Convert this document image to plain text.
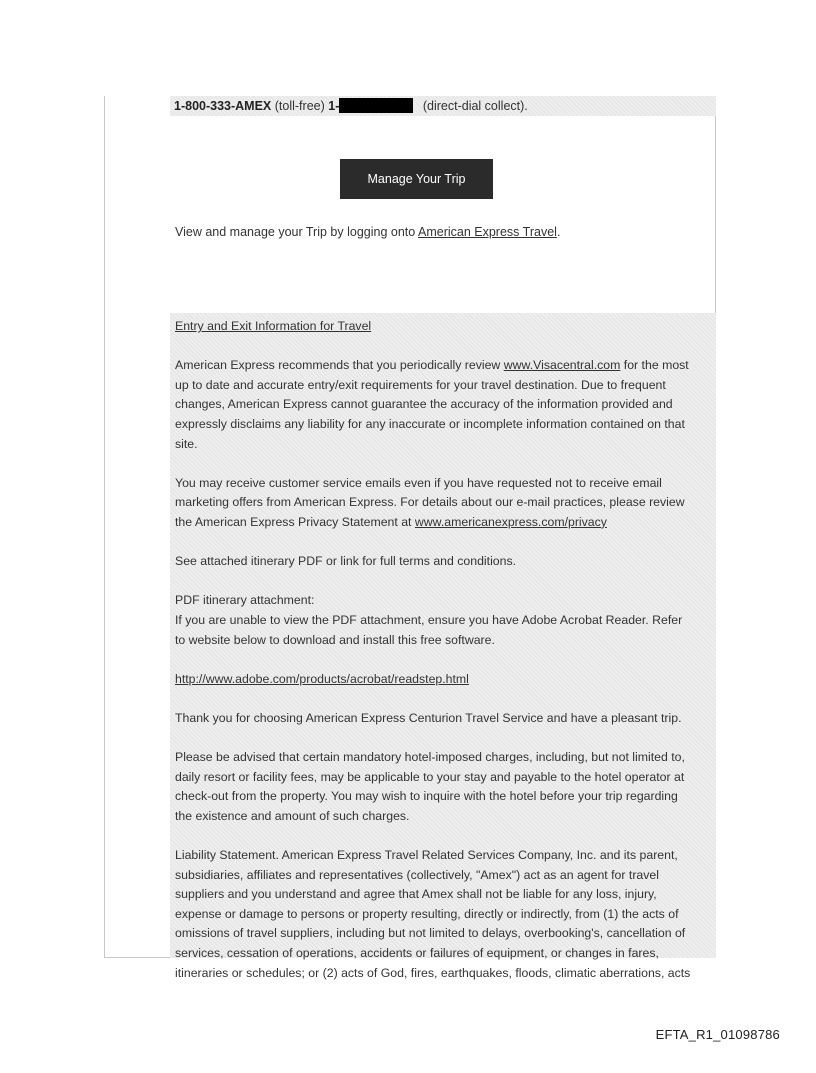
1-800-333-AMEX (toll-free) 1-	(direct-dial collect).
Manage Your Trip
View and manage your Trip by logging onto American Express Travel.

Entry and Exit Information for Travel

American Express recommends that you periodically review www.Visacentral.com for the most up to date and accurate entry/exit requirements for your travel destination. Due to frequent changes, American Express cannot guarantee the accuracy of the information provided and expressly disclaims any liability for any inaccurate or incomplete information contained on that site.

You may receive customer service emails even if you have requested not to receive email marketing offers from American Express. For details about our e-mail practices, please review the American Express Privacy Statement at www.americanexpress.com/privacy

See attached itinerary PDF or link for full terms and conditions.

PDF itinerary attachment:
If you are unable to view the PDF attachment, ensure you have Adobe Acrobat Reader. Refer to website below to download and install this free software.

http://www.adobe.com/products/acrobat/readstep.html

Thank you for choosing American Express Centurion Travel Service and have a pleasant trip.

Please be advised that certain mandatory hotel-imposed charges, including, but not limited to, daily resort or facility fees, may be applicable to your stay and payable to the hotel operator at check-out from the property. You may wish to inquire with the hotel before your trip regarding the existence and amount of such charges.

Liability Statement. American Express Travel Related Services Company, Inc. and its parent, subsidiaries, affiliates and representatives (collectively, "Amex") act as an agent for travel suppliers and you understand and agree that Amex shall not be liable for any loss, injury, expense or damage to persons or property resulting, directly or indirectly, from (1) the acts of omissions of travel suppliers, including but not limited to delays, overbooking's, cancellation of services, cessation of operations, accidents or failures of equipment, or changes in fares, itineraries or schedules; or (2) acts of God, fires, earthquakes, floods, climatic aberrations, acts

EFTA_R1_01098786
